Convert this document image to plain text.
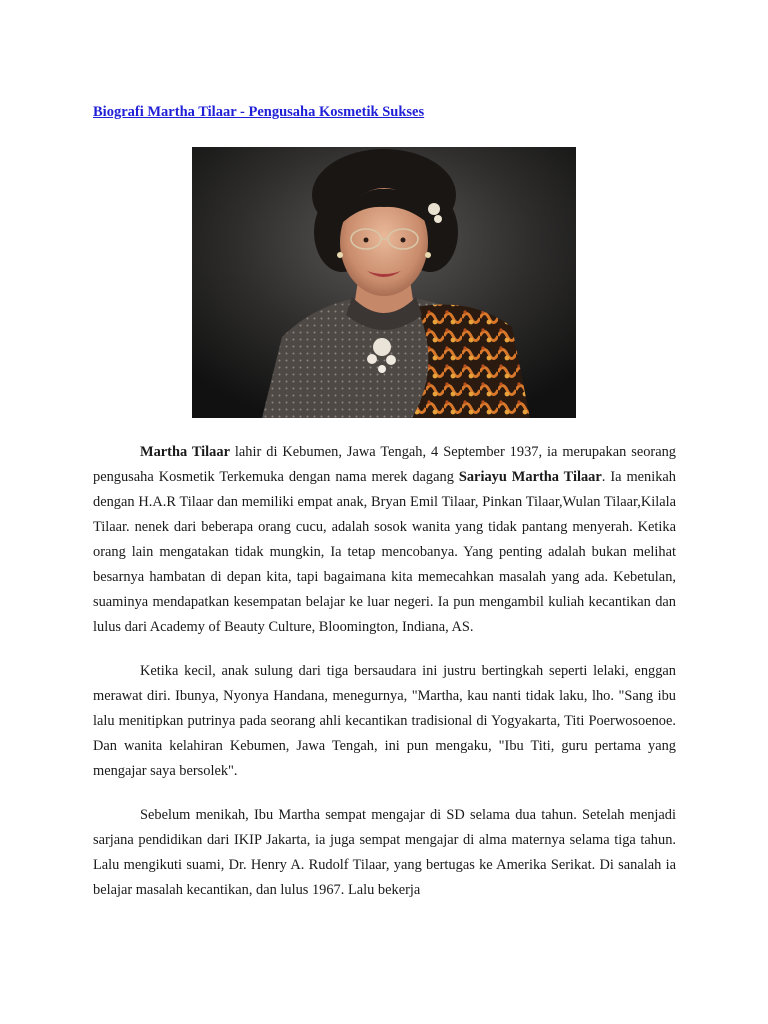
Biografi Martha Tilaar - Pengusaha Kosmetik Sukses

Martha Tilaar lahir di Kebumen, Jawa Tengah, 4 September 1937, ia merupakan seorang pengusaha Kosmetik Terkemuka dengan nama merek dagang Sariayu Martha Tilaar. Ia menikah dengan H.A.R Tilaar dan memiliki empat anak, Bryan Emil Tilaar, Pinkan Tilaar,Wulan Tilaar,Kilala Tilaar. nenek dari beberapa orang cucu, adalah sosok wanita yang tidak pantang menyerah. Ketika orang lain mengatakan tidak mungkin, Ia tetap mencobanya. Yang penting adalah bukan melihat besarnya hambatan di depan kita, tapi bagaimana kita memecahkan masalah yang ada. Kebetulan, suaminya mendapatkan kesempatan belajar ke luar negeri. Ia pun mengambil kuliah kecantikan dan lulus dari Academy of Beauty Culture, Bloomington, Indiana, AS.

Ketika kecil, anak sulung dari tiga bersaudara ini justru bertingkah seperti lelaki, enggan merawat diri. Ibunya, Nyonya Handana, menegurnya, "Martha, kau nanti tidak laku, lho. "Sang ibu lalu menitipkan putrinya pada seorang ahli kecantikan tradisional di Yogyakarta, Titi Poerwosoenoe. Dan wanita kelahiran Kebumen, Jawa Tengah, ini pun mengaku, "Ibu Titi, guru pertama yang mengajar saya bersolek".

Sebelum menikah, Ibu Martha sempat mengajar di SD selama dua tahun. Setelah menjadi sarjana pendidikan dari IKIP Jakarta, ia juga sempat mengajar di alma maternya selama tiga tahun. Lalu mengikuti suami, Dr. Henry A. Rudolf Tilaar, yang bertugas ke Amerika Serikat. Di sanalah ia belajar masalah kecantikan, dan lulus 1967. Lalu bekerja
